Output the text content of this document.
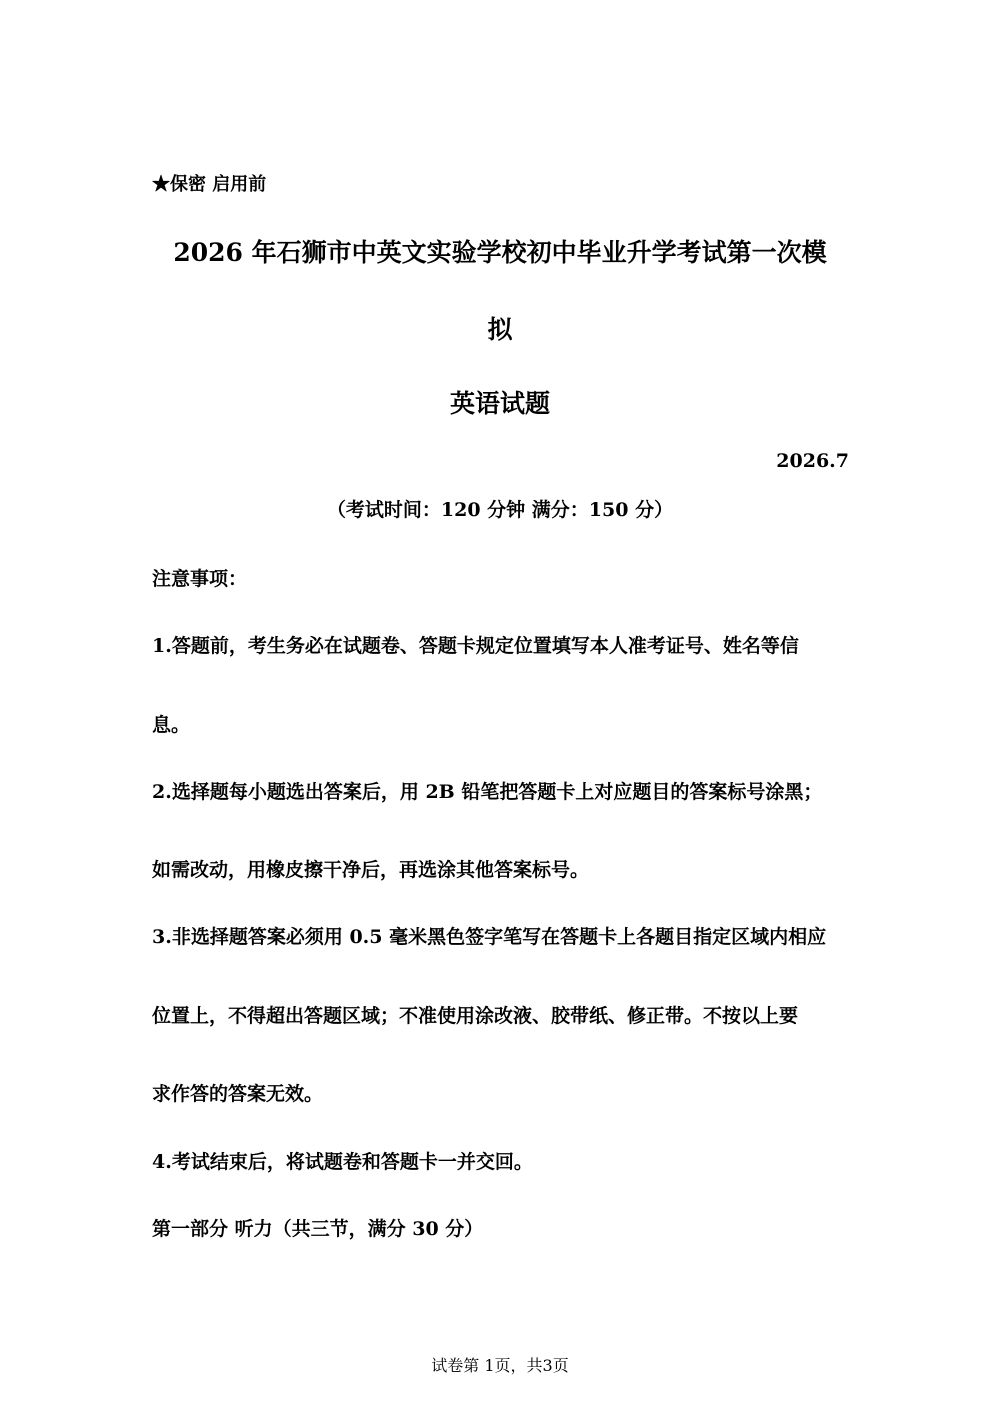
★保密 启用前

2026 年石狮市中英文实验学校初中毕业升学考试第一次模
拟
英语试题

2026.7

（考试时间：120 分钟 满分：150 分）

注意事项：

1.答题前，考生务必在试题卷、答题卡规定位置填写本人准考证号、姓名等信

息。

2.选择题每小题选出答案后，用 2B 铅笔把答题卡上对应题目的答案标号涂黑；

如需改动，用橡皮擦干净后，再选涂其他答案标号。

3.非选择题答案必须用 0.5 毫米黑色签字笔写在答题卡上各题目指定区域内相应

位置上，不得超出答题区域；不准使用涂改液、胶带纸、修正带。不按以上要

求作答的答案无效。

4.考试结束后，将试题卷和答题卡一并交回。

第一部分 听力（共三节，满分 30 分）

试卷第 1页，共3页
